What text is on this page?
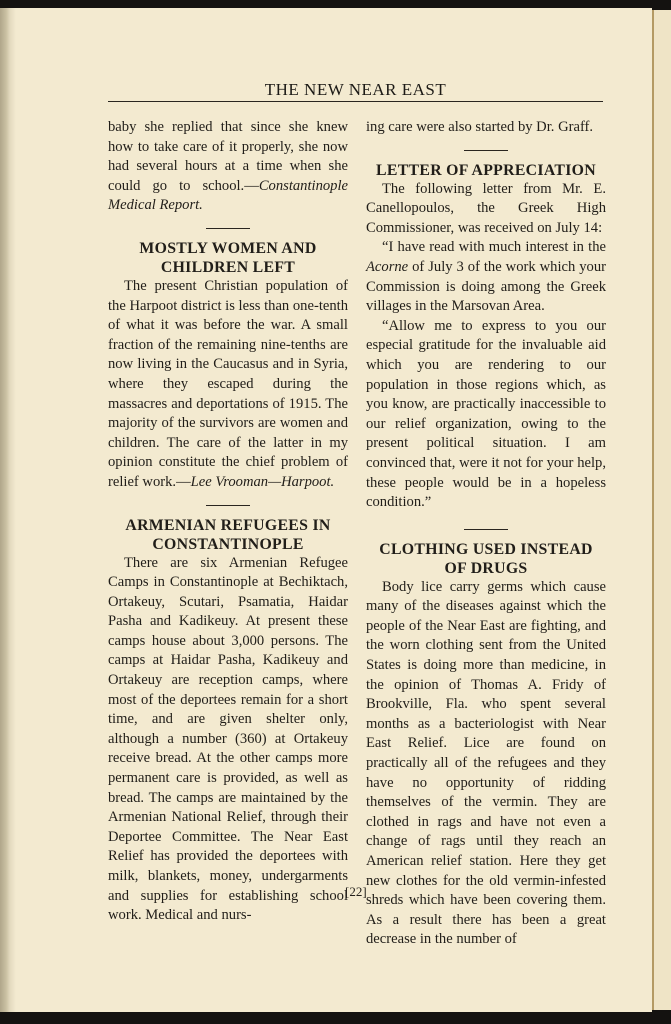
THE NEW NEAR EAST

baby she replied that since she knew how to take care of it properly, she now had several hours at a time when she could go to school.—Constantinople Medical Report.

MOSTLY WOMEN AND CHILDREN LEFT

The present Christian population of the Harpoot district is less than one-tenth of what it was before the war. A small fraction of the remaining nine-tenths are now living in the Caucasus and in Syria, where they escaped during the massacres and deportations of 1915. The majority of the survivors are women and children. The care of the latter in my opinion constitute the chief problem of relief work.—Lee Vrooman—Harpoot.

ARMENIAN REFUGEES IN CONSTANTINOPLE

There are six Armenian Refugee Camps in Constantinople at Bechiktach, Ortakeuy, Scutari, Psamatia, Haidar Pasha and Kadikeuy. At present these camps house about 3,000 persons. The camps at Haidar Pasha, Kadikeuy and Ortakeuy are reception camps, where most of the deportees remain for a short time, and are given shelter only, although a number (360) at Ortakeuy receive bread. At the other camps more permanent care is provided, as well as bread. The camps are maintained by the Armenian National Relief, through their Deportee Committee. The Near East Relief has provided the deportees with milk, blankets, money, undergarments and supplies for establishing school work. Medical and nurs-

ing care were also started by Dr. Graff.

LETTER OF APPRECIATION

The following letter from Mr. E. Canellopoulos, the Greek High Commissioner, was received on July 14:

“I have read with much interest in the Acorne of July 3 of the work which your Commission is doing among the Greek villages in the Marsovan Area.

“Allow me to express to you our especial gratitude for the invaluable aid which you are rendering to our population in those regions which, as you know, are practically inaccessible to our relief organization, owing to the present political situation. I am convinced that, were it not for your help, these people would be in a hopeless condition.”

CLOTHING USED INSTEAD OF DRUGS

Body lice carry germs which cause many of the diseases against which the people of the Near East are fighting, and the worn clothing sent from the United States is doing more than medicine, in the opinion of Thomas A. Fridy of Brookville, Fla. who spent several months as a bacteriologist with Near East Relief. Lice are found on practically all of the refugees and they have no opportunity of ridding themselves of the vermin. They are clothed in rags and have not even a change of rags until they reach an American relief station. Here they get new clothes for the old vermin-infested shreds which have been covering them. As a result there has been a great decrease in the number of

[22]
